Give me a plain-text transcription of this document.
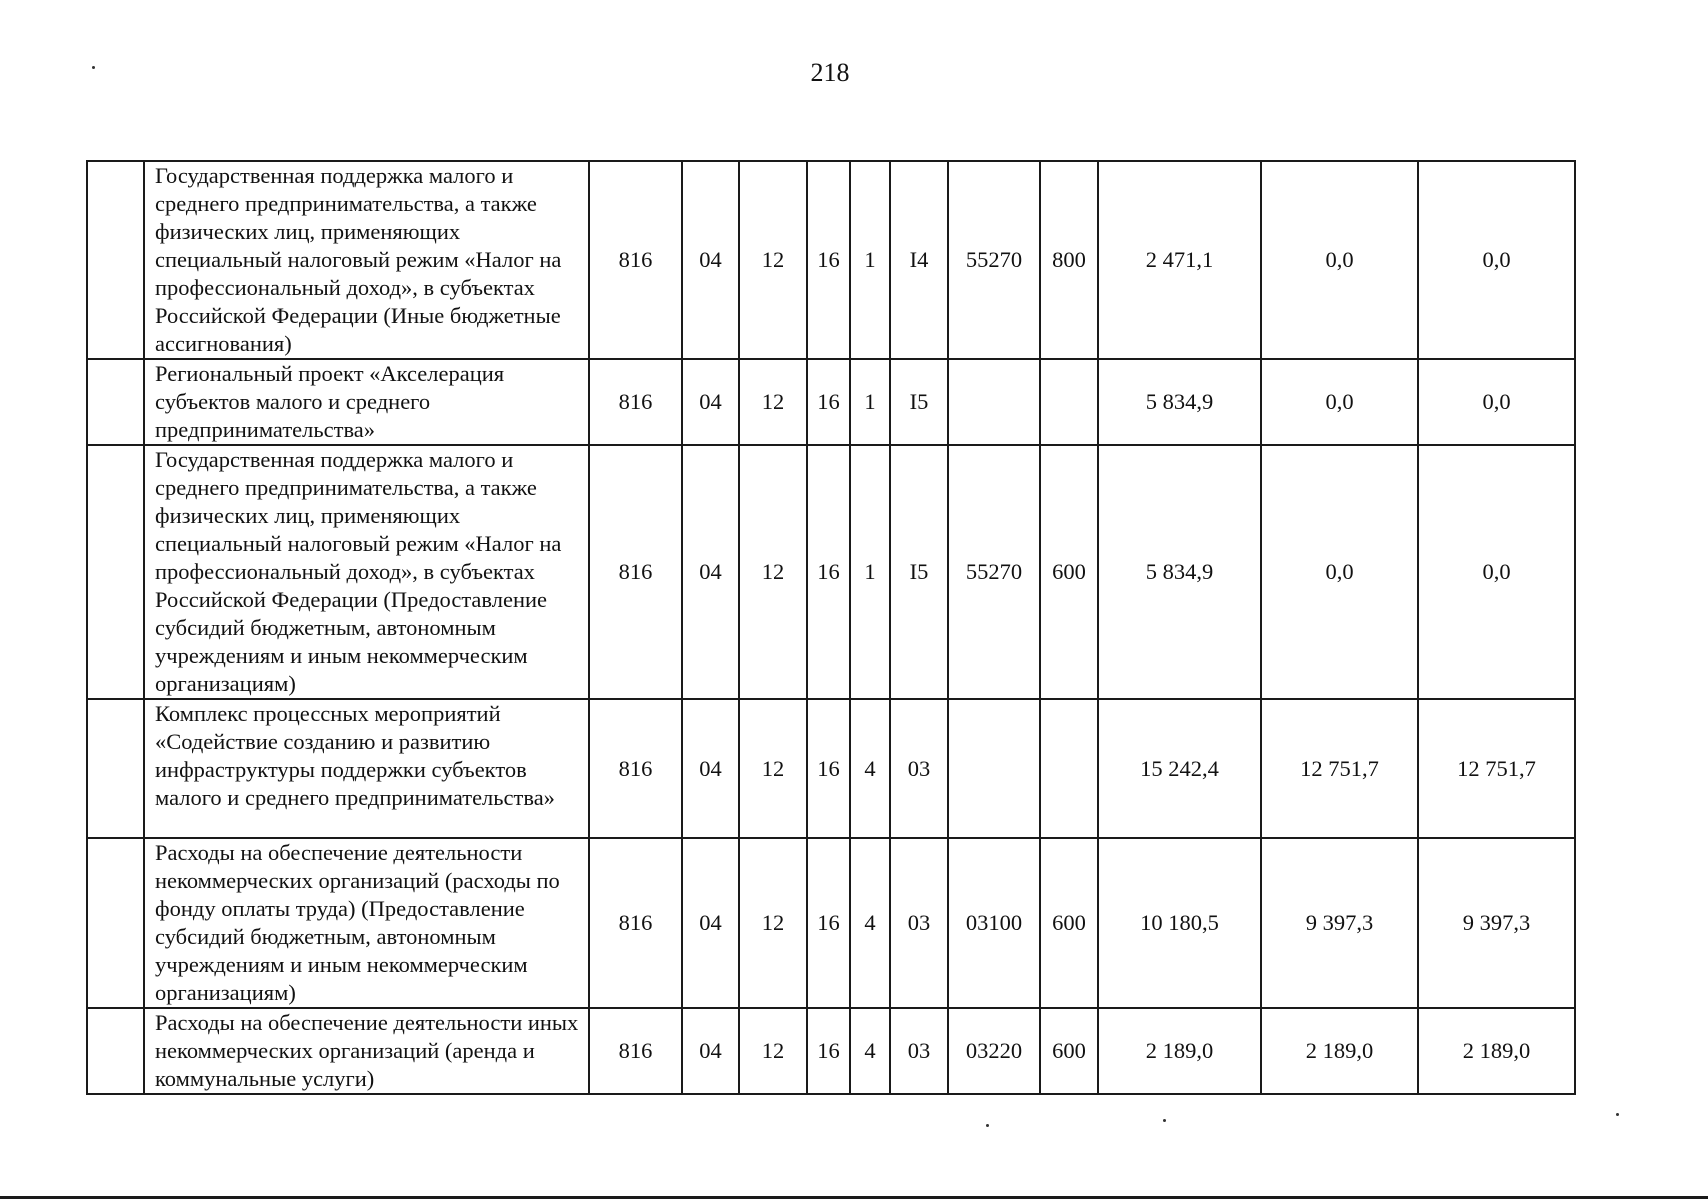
218
	Государственная поддержка малого и среднего предпринимательства, а также физических лиц, применяющих специальный налоговый режим «Налог на профессиональный доход», в субъектах Российской Федерации (Иные бюджетные ассигнования)	816	04	12	16	1	I4	55270	800	2 471,1	0,0	0,0
	Региональный проект «Акселерация субъектов малого и среднего предпринимательства»	816	04	12	16	1	I5			5 834,9	0,0	0,0
	Государственная поддержка малого и среднего предпринимательства, а также физических лиц, применяющих специальный налоговый режим «Налог на профессиональный доход», в субъектах Российской Федерации (Предоставление субсидий бюджетным, автономным учреждениям и иным некоммерческим организациям)	816	04	12	16	1	I5	55270	600	5 834,9	0,0	0,0
	Комплекс процессных мероприятий «Содействие созданию и развитию инфраструктуры поддержки субъектов малого и среднего предпринимательства»	816	04	12	16	4	03			15 242,4	12 751,7	12 751,7
	Расходы на обеспечение деятельности некоммерческих организаций (расходы по фонду оплаты труда) (Предоставление субсидий бюджетным, автономным учреждениям и иным некоммерческим организациям)	816	04	12	16	4	03	03100	600	10 180,5	9 397,3	9 397,3
	Расходы на обеспечение деятельности иных некоммерческих организаций (аренда и коммунальные услуги)	816	04	12	16	4	03	03220	600	2 189,0	2 189,0	2 189,0
